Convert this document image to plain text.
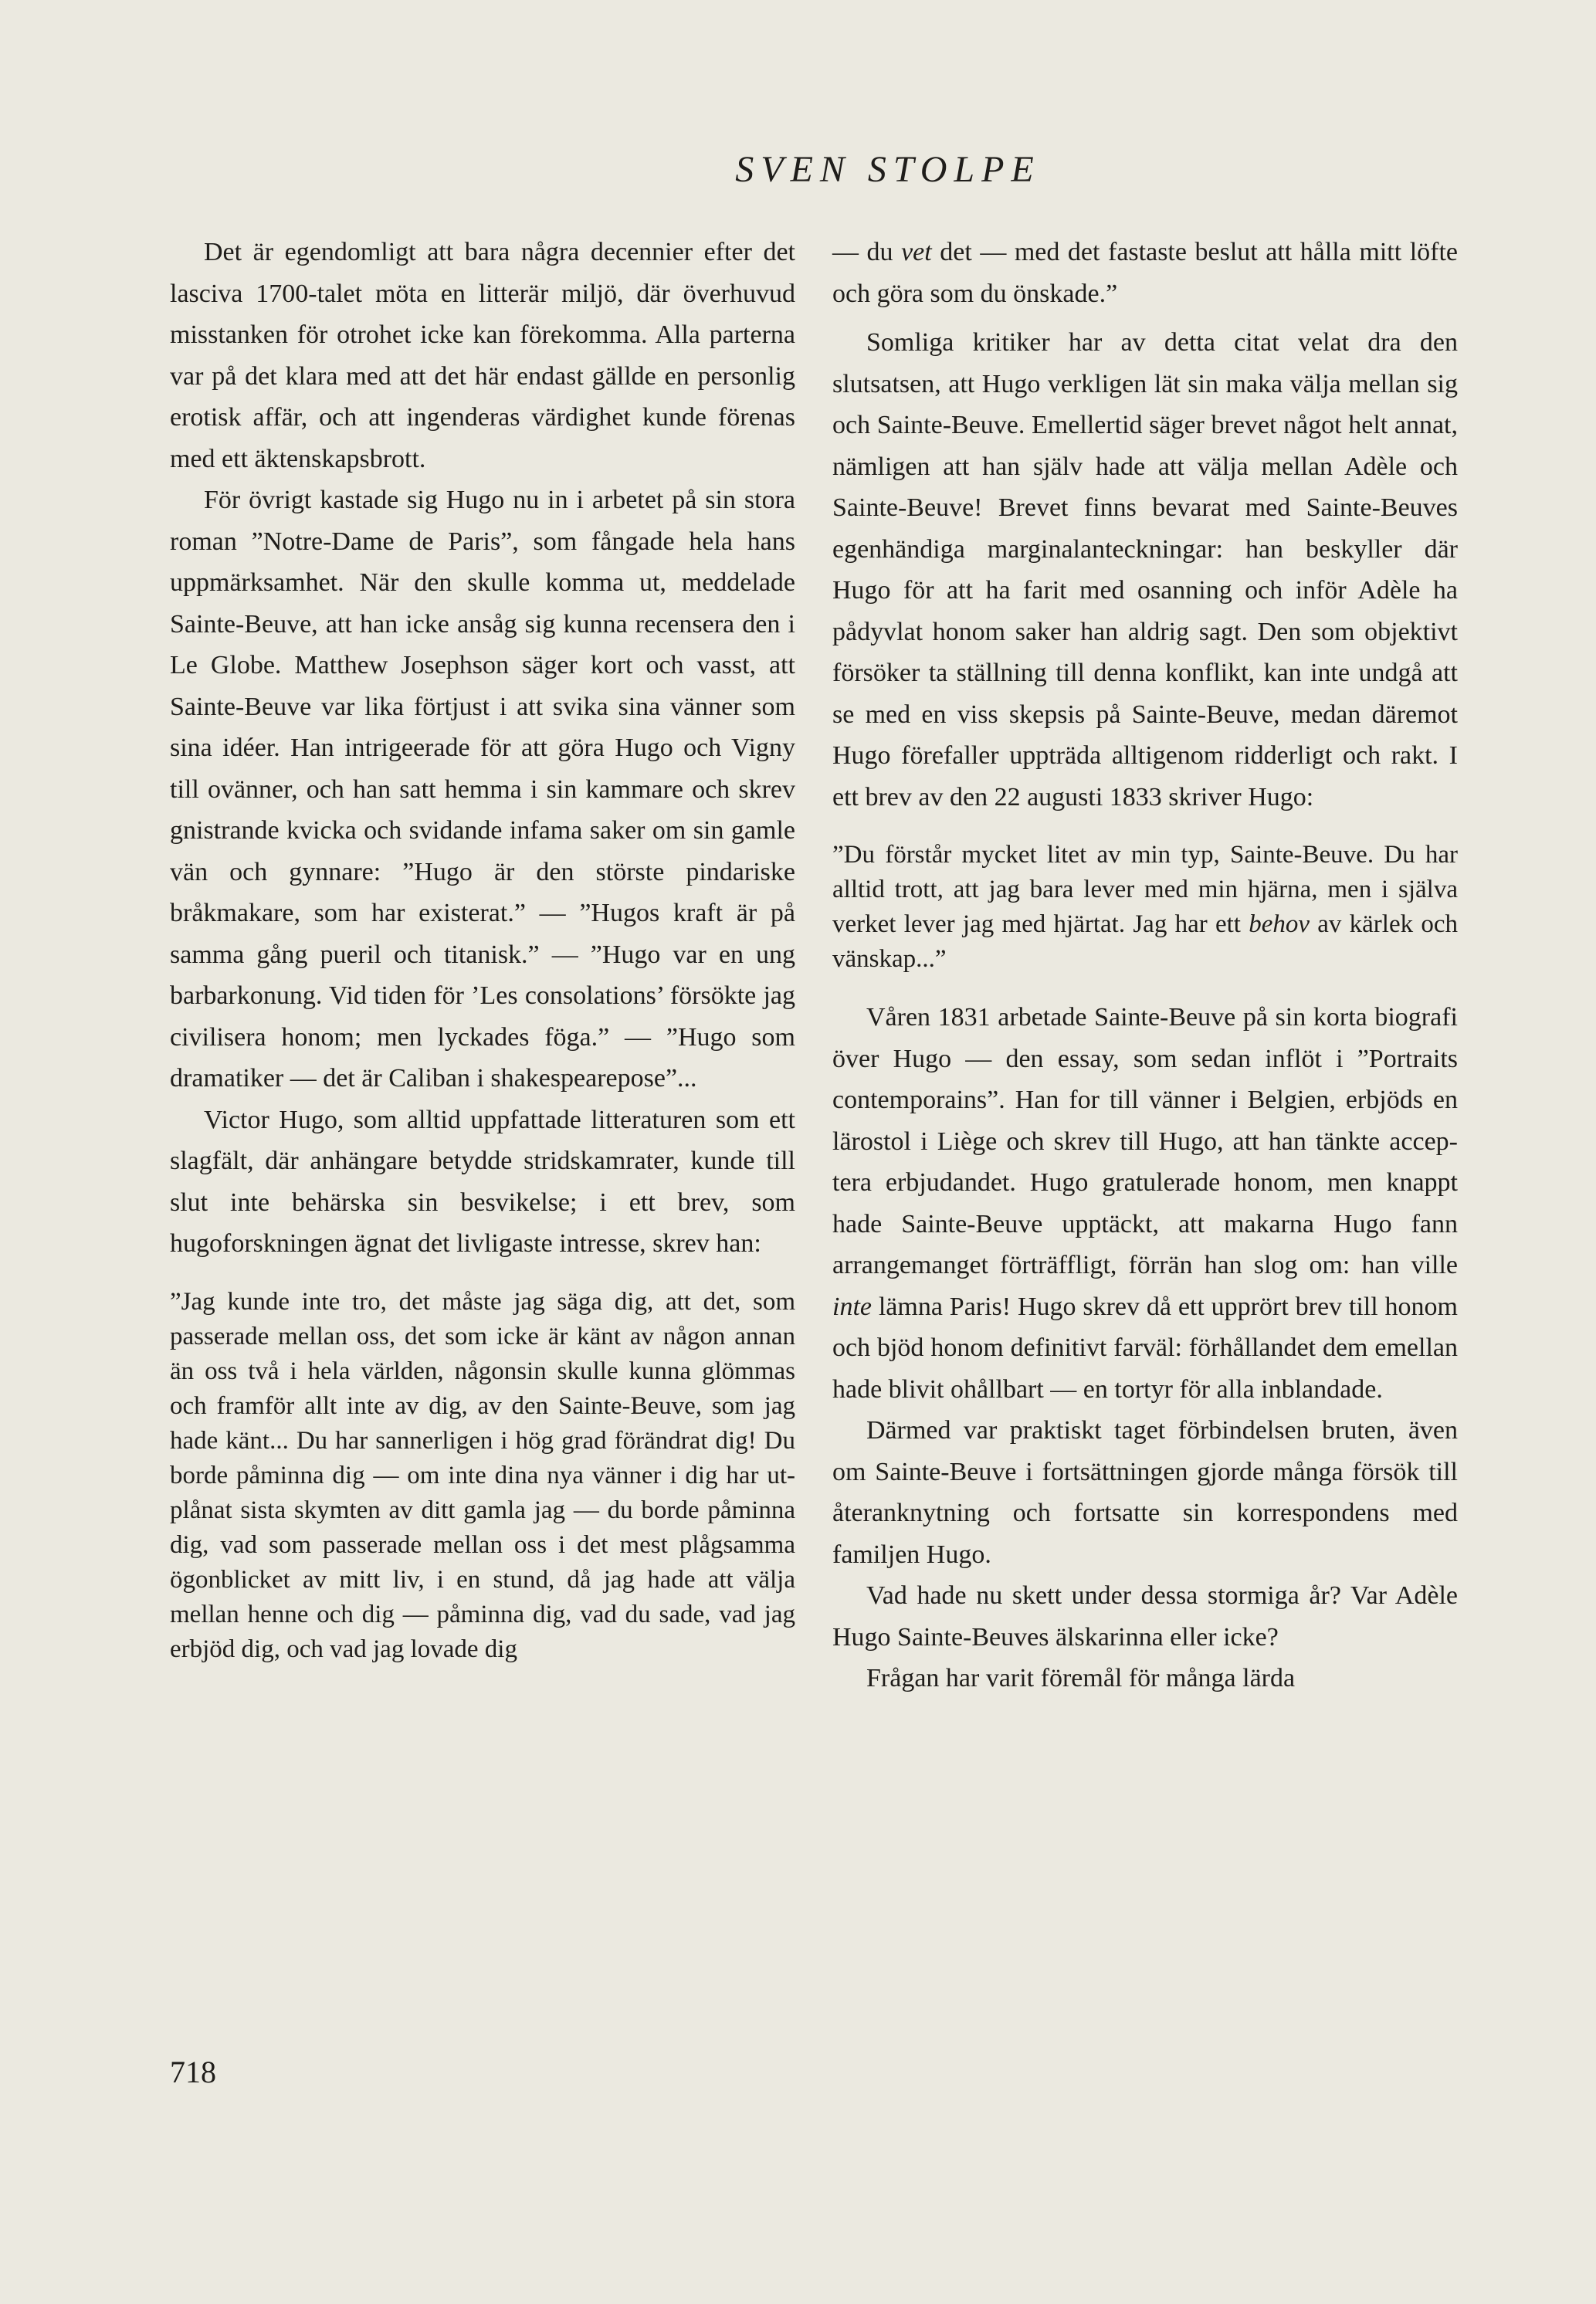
SVEN STOLPE

Det är egendomligt att bara några decennier efter det lasciva 1700-talet möta en litterär miljö, där överhuvud misstanken för otrohet icke kan förekomma. Alla parterna var på det klara med att det här endast gällde en personlig erotisk affär, och att ingenderas värdighet kunde förenas med ett äktenskapsbrott.

För övrigt kastade sig Hugo nu in i arbetet på sin stora roman ”Notre-Dame de Paris”, som fångade hela hans uppmärksamhet. När den skulle komma ut, meddelade Sainte-Beuve, att han icke ansåg sig kunna recensera den i Le Globe. Matthew Josephson säger kort och vasst, att Sainte-Beuve var lika förtjust i att svika sina vänner som sina idéer. Han intrigeerade för att göra Hugo och Vigny till ovänner, och han satt hemma i sin kammare och skrev gnistrande kvicka och svidande infama saker om sin gamle vän och gynnare: ”Hugo är den störste pindariske bråkmakare, som har existerat.” — ”Hugos kraft är på samma gång pueril och titanisk.” — ”Hugo var en ung barbarkonung. Vid tiden för ’Les consolations’ försökte jag civilisera honom; men lyckades föga.” — ”Hugo som dramatiker — det är Caliban i shakespearepose”...

Victor Hugo, som alltid uppfattade litteraturen som ett slagfält, där anhängare betydde stridskamrater, kunde till slut inte behärska sin besvikelse; i ett brev, som hugoforskningen ägnat det livligaste intresse, skrev han:

”Jag kunde inte tro, det måste jag säga dig, att det, som passerade mellan oss, det som icke är känt av någon annan än oss två i hela världen, någonsin skulle kunna glömmas och framför allt inte av dig, av den Sainte-Beuve, som jag hade känt... Du har sannerligen i hög grad förändrat dig! Du borde påminna dig — om inte dina nya vänner i dig har utplånat sista skymten av ditt gamla jag — du borde påminna dig, vad som passerade mellan oss i det mest plågsamma ögonblicket av mitt liv, i en stund, då jag hade att välja mellan henne och dig — påminna dig, vad du sade, vad jag erbjöd dig, och vad jag lovade dig

— du vet det — med det fastaste beslut att hålla mitt löfte och göra som du önskade.”

Somliga kritiker har av detta citat velat dra den slutsatsen, att Hugo verkligen lät sin maka välja mellan sig och Sainte-Beuve. Emellertid säger brevet något helt annat, nämligen att han själv hade att välja mellan Adèle och Sainte-Beuve! Brevet finns bevarat med Sainte-Beuves egenhändiga marginalanteckningar: han beskyller där Hugo för att ha farit med osanning och inför Adèle ha pådyvlat honom saker han aldrig sagt. Den som objektivt försöker ta ställning till denna konflikt, kan inte undgå att se med en viss skepsis på Sainte-Beuve, medan däremot Hugo förefaller uppträda alltigenom ridderligt och rakt. I ett brev av den 22 augusti 1833 skriver Hugo:

”Du förstår mycket litet av min typ, Sainte-Beuve. Du har alltid trott, att jag bara lever med min hjärna, men i själva verket lever jag med hjärtat. Jag har ett behov av kärlek och vänskap...”

Våren 1831 arbetade Sainte-Beuve på sin korta biografi över Hugo — den essay, som sedan inflöt i ”Portraits contemporains”. Han for till vänner i Belgien, erbjöds en lärostol i Liège och skrev till Hugo, att han tänkte acceptera erbjudandet. Hugo gratulerade honom, men knappt hade Sainte-Beuve upptäckt, att makarna Hugo fann arrangemanget förträffligt, förrän han slog om: han ville inte lämna Paris! Hugo skrev då ett upprört brev till honom och bjöd honom definitivt farväl: förhållandet dem emellan hade blivit ohållbart — en tortyr för alla inblandade.

Därmed var praktiskt taget förbindelsen bruten, även om Sainte-Beuve i fortsättningen gjorde många försök till återanknytning och fortsatte sin korrespondens med familjen Hugo.

Vad hade nu skett under dessa stormiga år? Var Adèle Hugo Sainte-Beuves älskarinna eller icke?

Frågan har varit föremål för många lärda

718
